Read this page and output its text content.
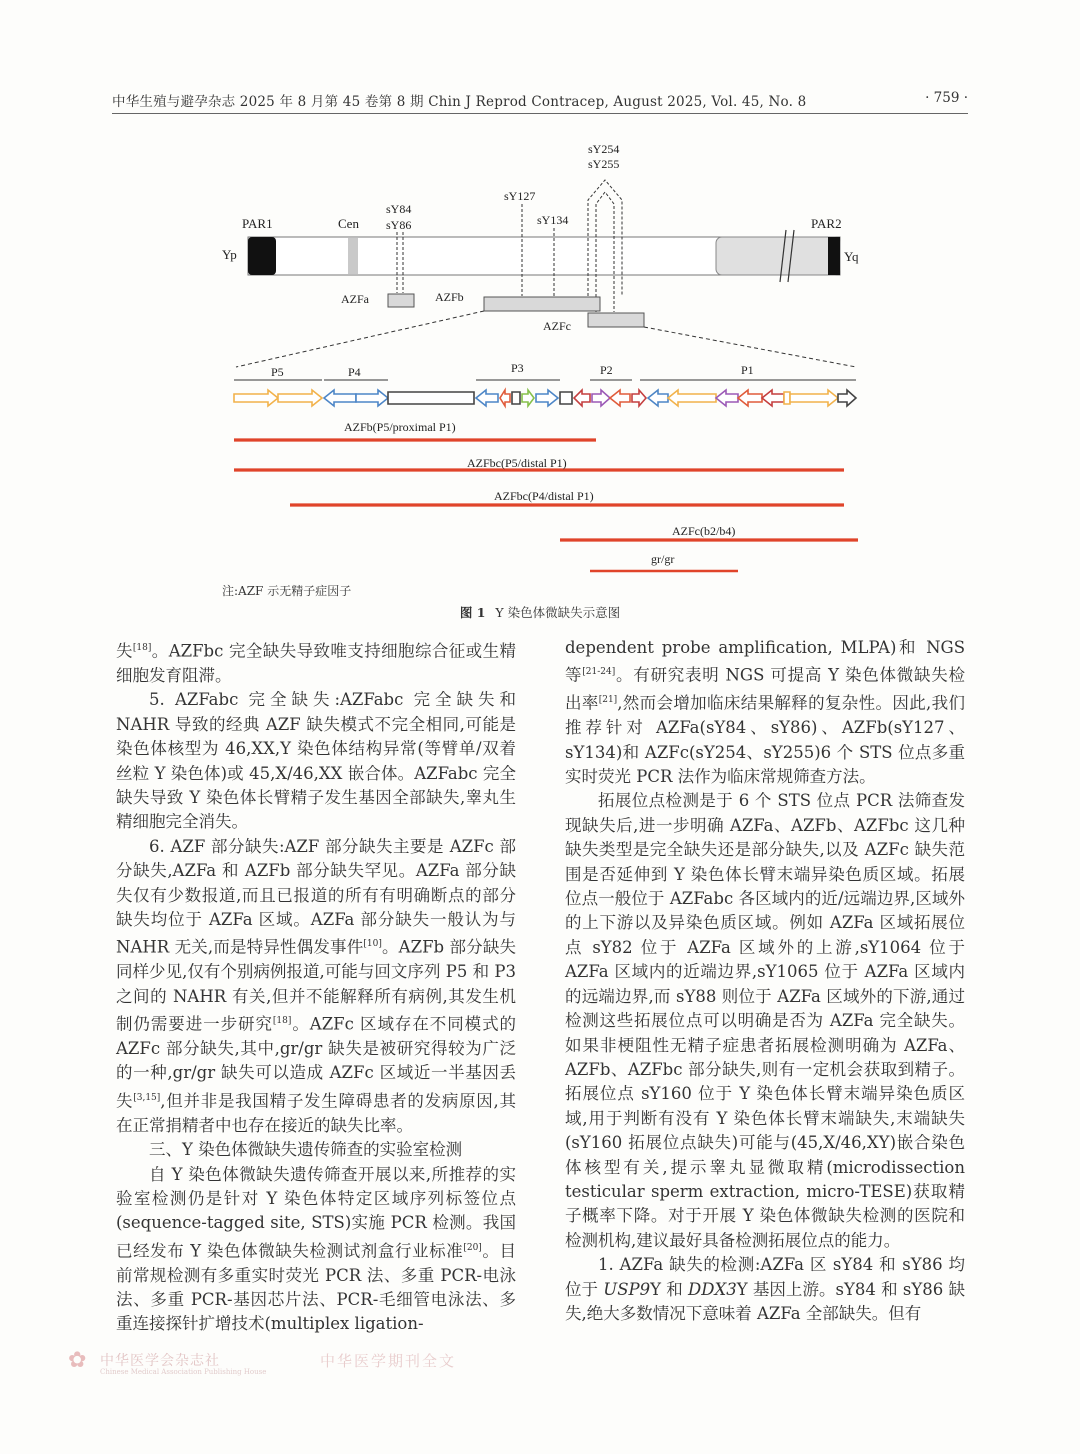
中华生殖与避孕杂志 2025 年 8 月第 45 卷第 8 期 Chin J Reprod Contracep, August 2025, Vol. 45, No. 8	· 759 ·
PAR1	Cen	PAR2
Yp	Yq
sY84
sY86
sY127
sY134
sY254
sY255
AZFa	AZFb
AZFc
P5	P4	P3	P2	P1
AZFb(P5/proximal P1)
AZFbc(P5/distal P1)
AZFbc(P4/distal P1)
AZFc(b2/b4)
gr/gr
注:AZF 示无精子症因子
图 1 Y 染色体微缺失示意图

失[18]。AZFbc 完全缺失导致唯支持细胞综合征或生精细胞发育阻滞。

5. AZFabc 完全缺失:AZFabc 完全缺失和 NAHR 导致的经典 AZF 缺失模式不完全相同,可能是染色体核型为 46,XX,Y 染色体结构异常(等臂单/双着丝粒 Y 染色体)或 45,X/46,XX 嵌合体。AZFabc 完全缺失导致 Y 染色体长臂精子发生基因全部缺失,睾丸生精细胞完全消失。

6. AZF 部分缺失:AZF 部分缺失主要是 AZFc 部分缺失,AZFa 和 AZFb 部分缺失罕见。AZFa 部分缺失仅有少数报道,而且已报道的所有有明确断点的部分缺失均位于 AZFa 区域。AZFa 部分缺失一般认为与 NAHR 无关,而是特异性偶发事件[10]。AZFb 部分缺失同样少见,仅有个别病例报道,可能与回文序列 P5 和 P3 之间的 NAHR 有关,但并不能解释所有病例,其发生机制仍需要进一步研究[18]。AZFc 区域存在不同模式的 AZFc 部分缺失,其中,gr/gr 缺失是被研究得较为广泛的一种,gr/gr 缺失可以造成 AZFc 区域近一半基因丢失[3,15],但并非是我国精子发生障碍患者的发病原因,其在正常捐精者中也存在接近的缺失比率。

三、Y 染色体微缺失遗传筛查的实验室检测

自 Y 染色体微缺失遗传筛查开展以来,所推荐的实验室检测仍是针对 Y 染色体特定区域序列标签位点(sequence-tagged site, STS)实施 PCR 检测。我国已经发布 Y 染色体微缺失检测试剂盒行业标准[20]。目前常规检测有多重实时荧光 PCR 法、多重 PCR-电泳法、多重 PCR-基因芯片法、PCR-毛细管电泳法、多重连接探针扩增技术(multiplex ligation-

dependent probe amplification, MLPA)和 NGS 等[21-24]。有研究表明 NGS 可提高 Y 染色体微缺失检出率[21],然而会增加临床结果解释的复杂性。因此,我们推荐针对 AZFa(sY84、sY86)、AZFb(sY127、sY134)和 AZFc(sY254、sY255)6 个 STS 位点多重实时荧光 PCR 法作为临床常规筛查方法。

拓展位点检测是于 6 个 STS 位点 PCR 法筛查发现缺失后,进一步明确 AZFa、AZFb、AZFbc 这几种缺失类型是完全缺失还是部分缺失,以及 AZFc 缺失范围是否延伸到 Y 染色体长臂末端异染色质区域。拓展位点一般位于 AZFabc 各区域内的近/远端边界,区域外的上下游以及异染色质区域。例如 AZFa 区域拓展位点 sY82 位于 AZFa 区域外的上游,sY1064 位于 AZFa 区域内的近端边界,sY1065 位于 AZFa 区域内的远端边界,而 sY88 则位于 AZFa 区域外的下游,通过检测这些拓展位点可以明确是否为 AZFa 完全缺失。如果非梗阻性无精子症患者拓展检测明确为 AZFa、AZFb、AZFbc 部分缺失,则有一定机会获取到精子。拓展位点 sY160 位于 Y 染色体长臂末端异染色质区域,用于判断有没有 Y 染色体长臂末端缺失,末端缺失(sY160 拓展位点缺失)可能与(45,X/46,XY)嵌合染色体核型有关,提示睾丸显微取精(microdissection testicular sperm extraction, micro-TESE)获取精子概率下降。对于开展 Y 染色体微缺失检测的医院和检测机构,建议最好具备检测拓展位点的能力。

1. AZFa 缺失的检测:AZFa 区 sY84 和 sY86 均位于 USP9Y 和 DDX3Y 基因上游。sY84 和 sY86 缺失,绝大多数情况下意味着 AZFa 全部缺失。但有

✿ 中华医学会杂志社
Chinese Medical Association Publishing House
中华医学期刊全文
